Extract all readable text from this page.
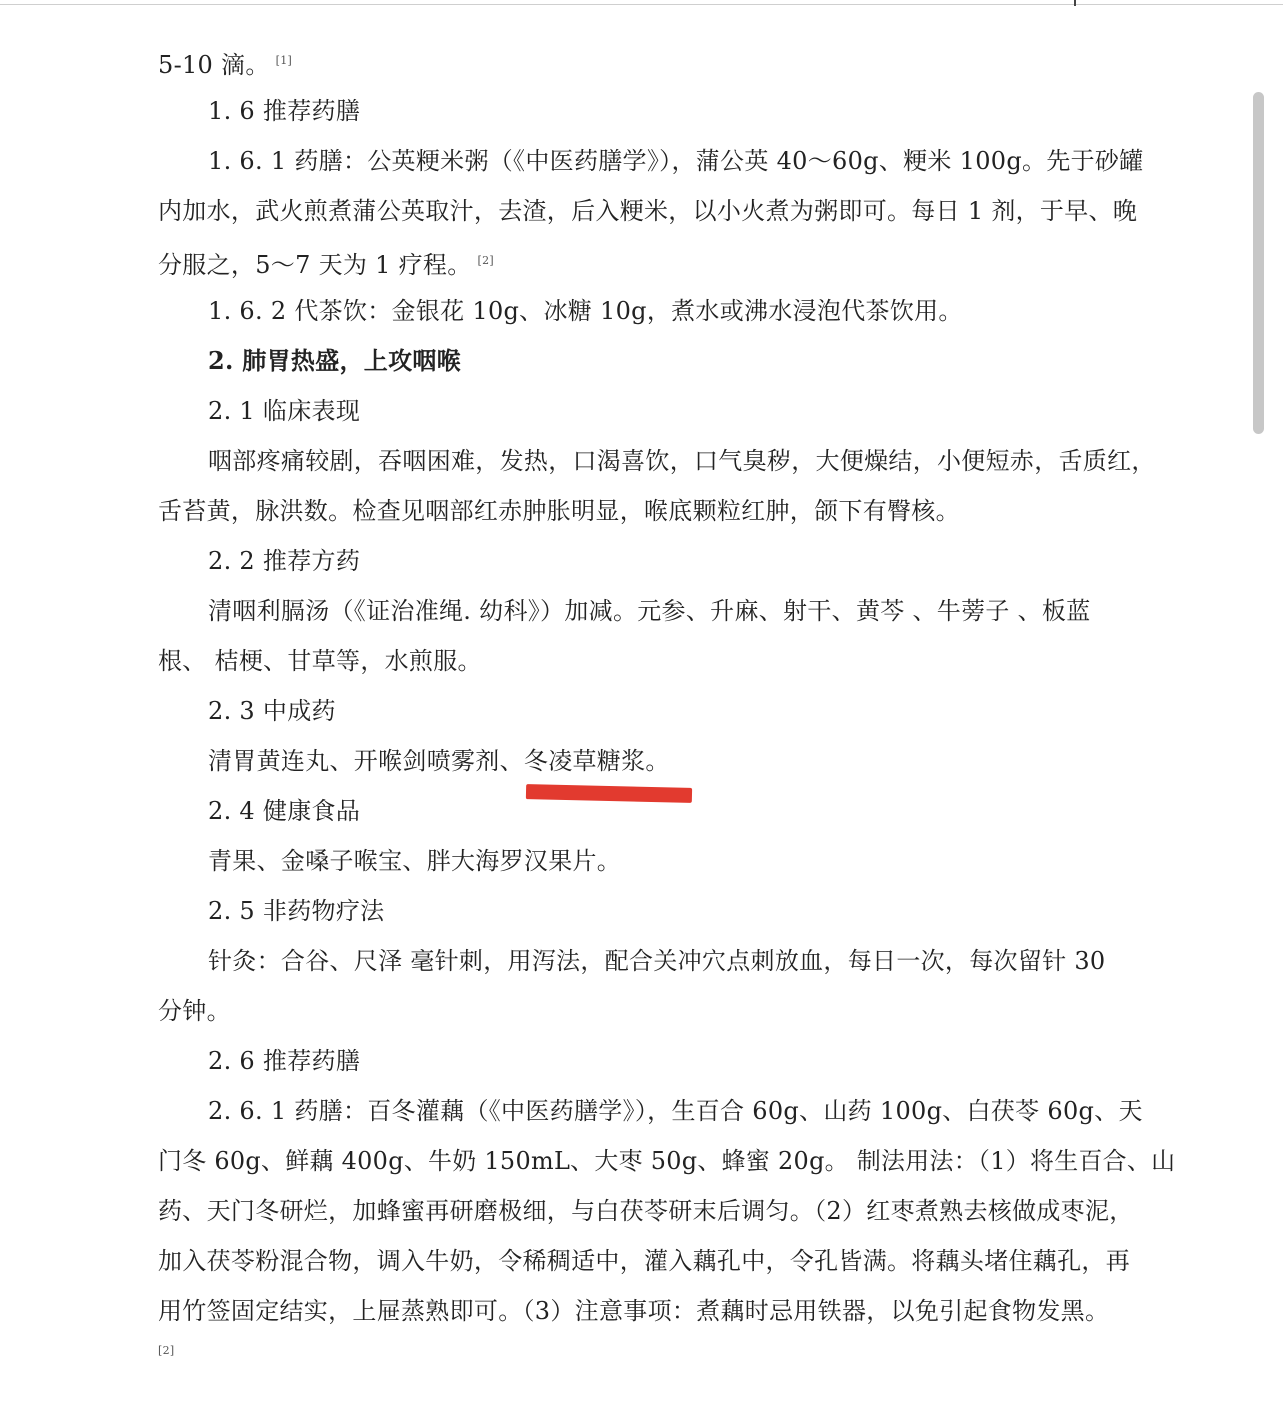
5-10 滴。 [1]
1. 6 推荐药膳
1. 6. 1 药膳：公英粳米粥（《中医药膳学》），蒲公英 40～60g、粳米 100g。先于砂罐
内加水，武火煎煮蒲公英取汁，去渣，后入粳米，以小火煮为粥即可。每日 1 剂，于早、晚
分服之，5～7 天为 1 疗程。 [2]
1. 6. 2 代茶饮：金银花 10g、冰糖 10g，煮水或沸水浸泡代茶饮用。
2. 肺胃热盛，上攻咽喉
2. 1 临床表现
咽部疼痛较剧，吞咽困难，发热，口渴喜饮，口气臭秽，大便燥结，小便短赤，舌质红，
舌苔黄，脉洪数。检查见咽部红赤肿胀明显，喉底颗粒红肿，颌下有臀核。
2. 2 推荐方药
清咽利膈汤（《证治准绳. 幼科》）加减。元参、升麻、射干、黄芩 、牛蒡子 、板蓝
根、 桔梗、甘草等，水煎服。
2. 3 中成药
清胃黄连丸、开喉剑喷雾剂、冬凌草糖浆。
2. 4 健康食品
青果、金嗓子喉宝、胖大海罗汉果片。
2. 5 非药物疗法
针灸：合谷、尺泽 毫针刺，用泻法，配合关冲穴点刺放血，每日一次，每次留针 30
分钟。
2. 6 推荐药膳
2. 6. 1 药膳：百冬灌藕（《中医药膳学》），生百合 60g、山药 100g、白茯苓 60g、天
门冬 60g、鲜藕 400g、牛奶 150mL、大枣 50g、蜂蜜 20g。 制法用法：（1）将生百合、山
药、天门冬研烂，加蜂蜜再研磨极细，与白茯苓研末后调匀。（2）红枣煮熟去核做成枣泥，
加入茯苓粉混合物，调入牛奶，令稀稠适中，灌入藕孔中，令孔皆满。将藕头堵住藕孔，再
用竹签固定结实，上屉蒸熟即可。（3）注意事项：煮藕时忌用铁器，以免引起食物发黑。
[2]
